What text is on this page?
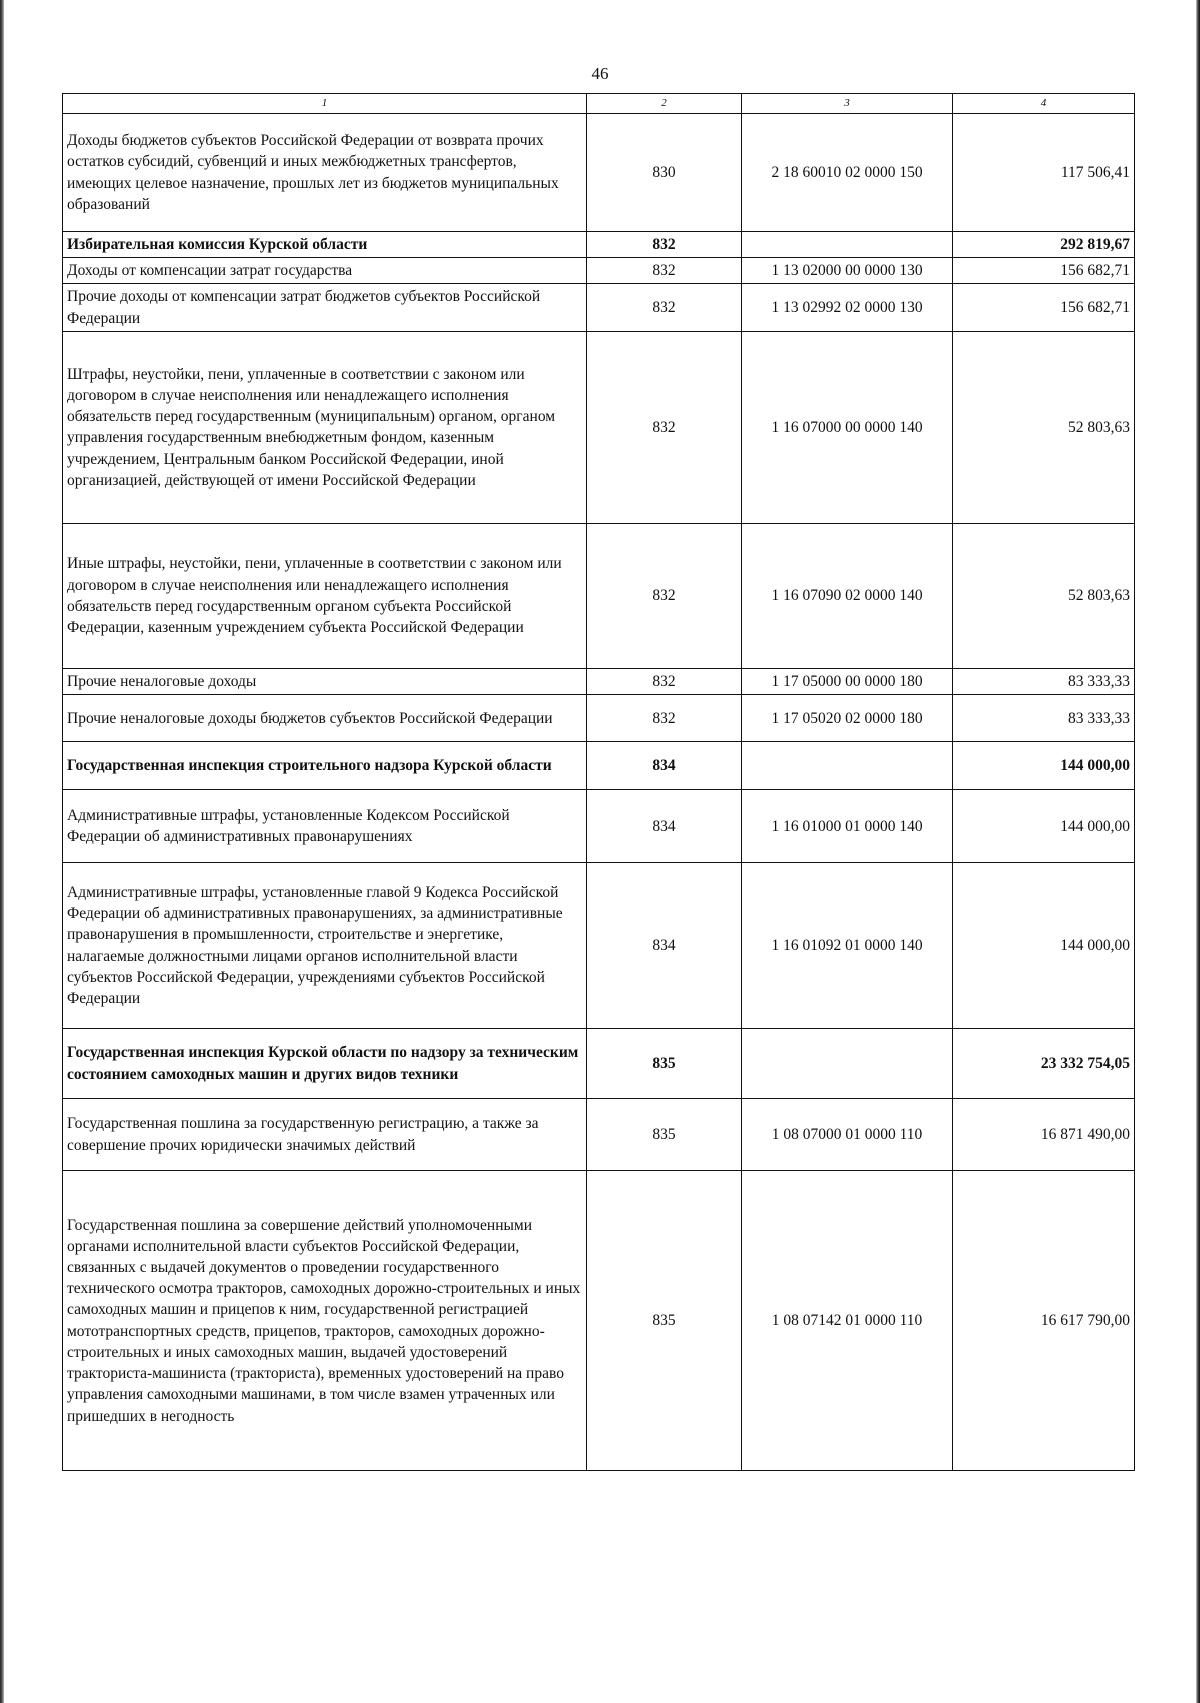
46
1	2	3	4
Доходы бюджетов субъектов Российской Федерации от возврата прочих остатков субсидий, субвенций и иных межбюджетных трансфертов, имеющих целевое назначение, прошлых лет из бюджетов муниципальных образований	830	2 18 60010 02 0000 150	117 506,41
Избирательная комиссия Курской области	832		292 819,67
Доходы от компенсации затрат государства	832	1 13 02000 00 0000 130	156 682,71
Прочие доходы от компенсации затрат бюджетов субъектов Российской Федерации	832	1 13 02992 02 0000 130	156 682,71
Штрафы, неустойки, пени, уплаченные в соответствии с законом или договором в случае неисполнения или ненадлежащего исполнения обязательств перед государственным (муниципальным) органом, органом управления государственным внебюджетным фондом, казенным учреждением, Центральным банком Российской Федерации, иной организацией, действующей от имени Российской Федерации	832	1 16 07000 00 0000 140	52 803,63
Иные штрафы, неустойки, пени, уплаченные в соответствии с законом или договором в случае неисполнения или ненадлежащего исполнения обязательств перед государственным органом субъекта Российской Федерации, казенным учреждением субъекта Российской Федерации	832	1 16 07090 02 0000 140	52 803,63
Прочие неналоговые доходы	832	1 17 05000 00 0000 180	83 333,33
Прочие неналоговые доходы бюджетов субъектов Российской Федерации	832	1 17 05020 02 0000 180	83 333,33
Государственная инспекция строительного надзора Курской области	834		144 000,00
Административные штрафы, установленные Кодексом Российской Федерации об административных правонарушениях	834	1 16 01000 01 0000 140	144 000,00
Административные штрафы, установленные главой 9 Кодекса Российской Федерации об административных правонарушениях, за административные правонарушения в промышленности, строительстве и энергетике, налагаемые должностными лицами органов исполнительной власти субъектов Российской Федерации, учреждениями субъектов Российской Федерации	834	1 16 01092 01 0000 140	144 000,00
Государственная инспекция Курской области по надзору за техническим состоянием самоходных машин и других видов техники	835		23 332 754,05
Государственная пошлина за государственную регистрацию, а также за совершение прочих юридически значимых действий	835	1 08 07000 01 0000 110	16 871 490,00
Государственная пошлина за совершение действий уполномоченными органами исполнительной власти субъектов Российской Федерации, связанных с выдачей документов о проведении государственного технического осмотра тракторов, самоходных дорожно-строительных и иных самоходных машин и прицепов к ним, государственной регистрацией мототранспортных средств, прицепов, тракторов, самоходных дорожно-строительных и иных самоходных машин, выдачей удостоверений тракториста-машиниста (тракториста), временных удостоверений на право управления самоходными машинами, в том числе взамен утраченных или пришедших в негодность	835	1 08 07142 01 0000 110	16 617 790,00
